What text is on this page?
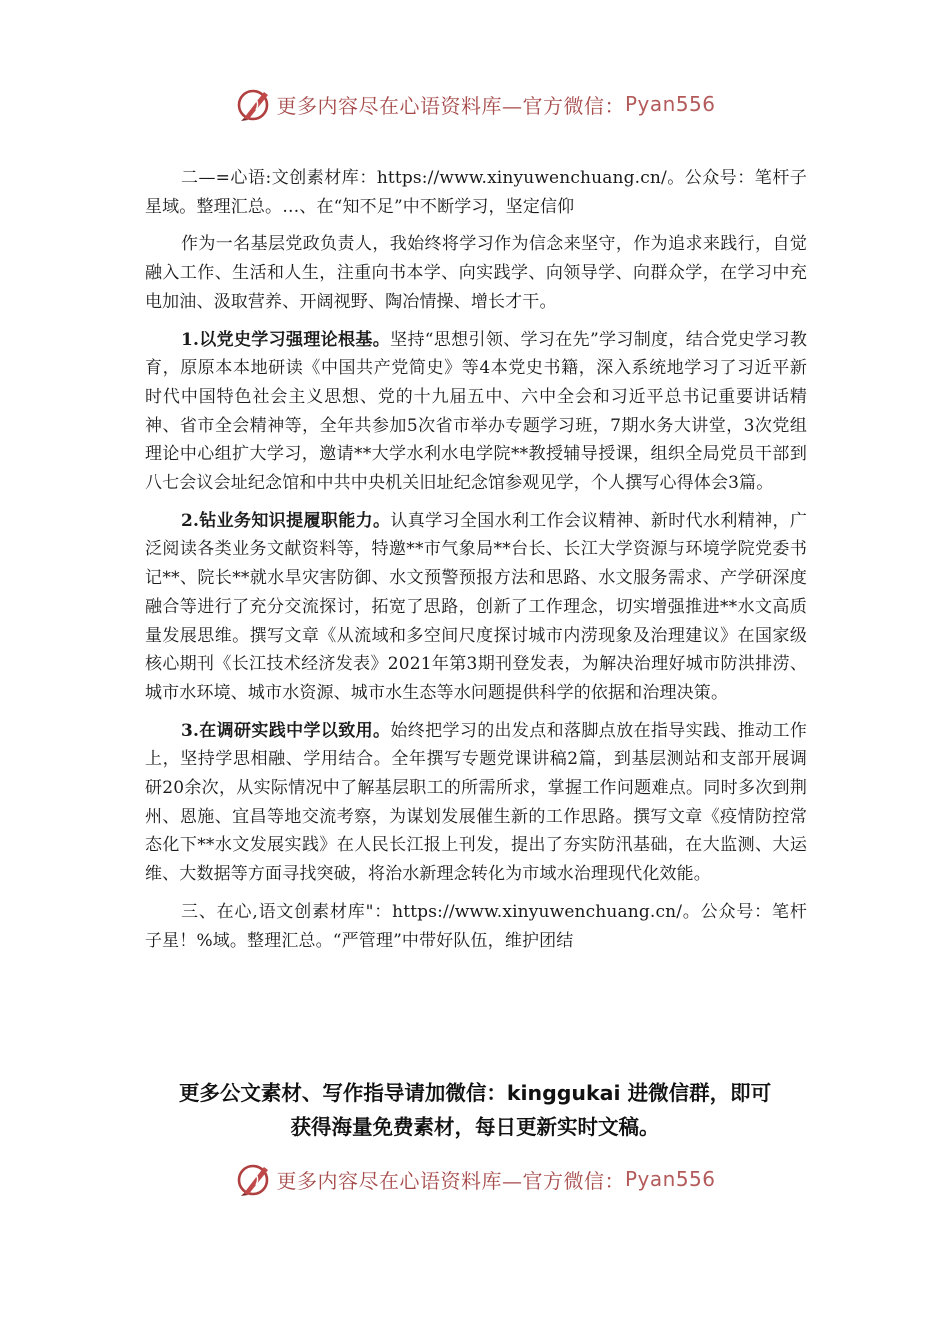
更多内容尽在心语资料库—官方微信： Pyan556

二—=心语:文创素材库：https://www.xinyuwenchuang.cn/。公众号：笔杆子星域。整理汇总。…、在“知不足”中不断学习，坚定信仰

作为一名基层党政负责人，我始终将学习作为信念来坚守，作为追求来践行，自觉融入工作、生活和人生，注重向书本学、向实践学、向领导学、向群众学，在学习中充电加油、汲取营养、开阔视野、陶冶情操、增长才干。

1.以党史学习强理论根基。坚持“思想引领、学习在先”学习制度，结合党史学习教育，原原本本地研读《中国共产党简史》等4本党史书籍，深入系统地学习了习近平新时代中国特色社会主义思想、党的十九届五中、六中全会和习近平总书记重要讲话精神、省市全会精神等，全年共参加5次省市举办专题学习班，7期水务大讲堂，3次党组理论中心组扩大学习，邀请**大学水利水电学院**教授辅导授课，组织全局党员干部到八七会议会址纪念馆和中共中央机关旧址纪念馆参观见学，个人撰写心得体会3篇。

2.钻业务知识提履职能力。认真学习全国水利工作会议精神、新时代水利精神，广泛阅读各类业务文献资料等，特邀**市气象局**台长、长江大学资源与环境学院党委书记**、院长**就水旱灾害防御、水文预警预报方法和思路、水文服务需求、产学研深度融合等进行了充分交流探讨，拓宽了思路，创新了工作理念，切实增强推进**水文高质量发展思维。撰写文章《从流域和多空间尺度探讨城市内涝现象及治理建议》在国家级核心期刊《长江技术经济发表》2021年第3期刊登发表，为解决治理好城市防洪排涝、城市水环境、城市水资源、城市水生态等水问题提供科学的依据和治理决策。

3.在调研实践中学以致用。始终把学习的出发点和落脚点放在指导实践、推动工作上，坚持学思相融、学用结合。全年撰写专题党课讲稿2篇，到基层测站和支部开展调研20余次，从实际情况中了解基层职工的所需所求，掌握工作问题难点。同时多次到荆州、恩施、宜昌等地交流考察，为谋划发展催生新的工作思路。撰写文章《疫情防控常态化下**水文发展实践》在人民长江报上刊发，提出了夯实防汛基础，在大监测、大运维、大数据等方面寻找突破，将治水新理念转化为市域水治理现代化效能。

三、在心,语文创素材库"：https://www.xinyuwenchuang.cn/。公众号：笔杆子星！%域。整理汇总。“严管理”中带好队伍，维护团结

更多公文素材、写作指导请加微信：kinggukai 进微信群，即可
获得海量免费素材，每日更新实时文稿。
更多内容尽在心语资料库—官方微信： Pyan556
